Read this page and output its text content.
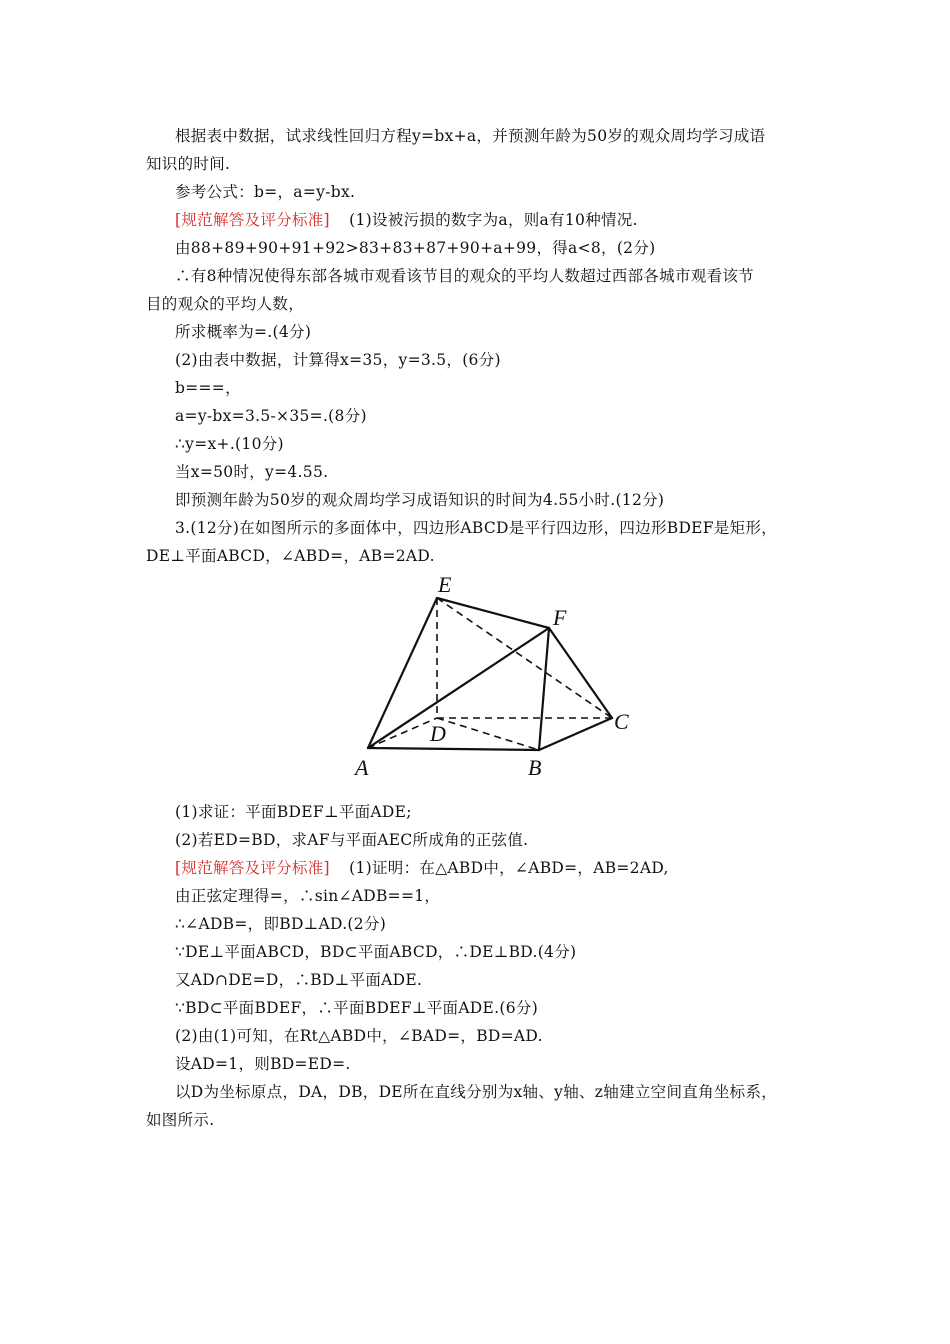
根据表中数据，试求线性回归方程y=bx+a，并预测年龄为50岁的观众周均学习成语
知识的时间.
参考公式：b=，a=y-bx.
[规范解答及评分标准] (1)设被污损的数字为a，则a有10种情况.
由88+89+90+91+92>83+83+87+90+a+99，得a<8，(2分)
∴有8种情况使得东部各城市观看该节目的观众的平均人数超过西部各城市观看该节
目的观众的平均人数，
所求概率为=.(4分)
(2)由表中数据，计算得x=35，y=3.5，(6分)
b===，
a=y-bx=3.5-×35=.(8分)
∴y=x+.(10分)
当x=50时，y=4.55.
即预测年龄为50岁的观众周均学习成语知识的时间为4.55小时.(12分)
3.(12分)在如图所示的多面体中，四边形ABCD是平行四边形，四边形BDEF是矩形，
DE⊥平面ABCD，∠ABD=，AB=2AD.
E
F
C
D
A	B
(1)求证：平面BDEF⊥平面ADE;
(2)若ED=BD，求AF与平面AEC所成角的正弦值.
[规范解答及评分标准] (1)证明：在△ABD中，∠ABD=，AB=2AD,
由正弦定理得=，∴sin∠ADB==1，
∴∠ADB=，即BD⊥AD.(2分)
∵DE⊥平面ABCD，BD⊂平面ABCD，∴DE⊥BD.(4分)
又AD∩DE=D，∴BD⊥平面ADE.
∵BD⊂平面BDEF，∴平面BDEF⊥平面ADE.(6分)
(2)由(1)可知，在Rt△ABD中，∠BAD=，BD=AD.
设AD=1，则BD=ED=.
以D为坐标原点，DA，DB，DE所在直线分别为x轴、y轴、z轴建立空间直角坐标系，
如图所示.
